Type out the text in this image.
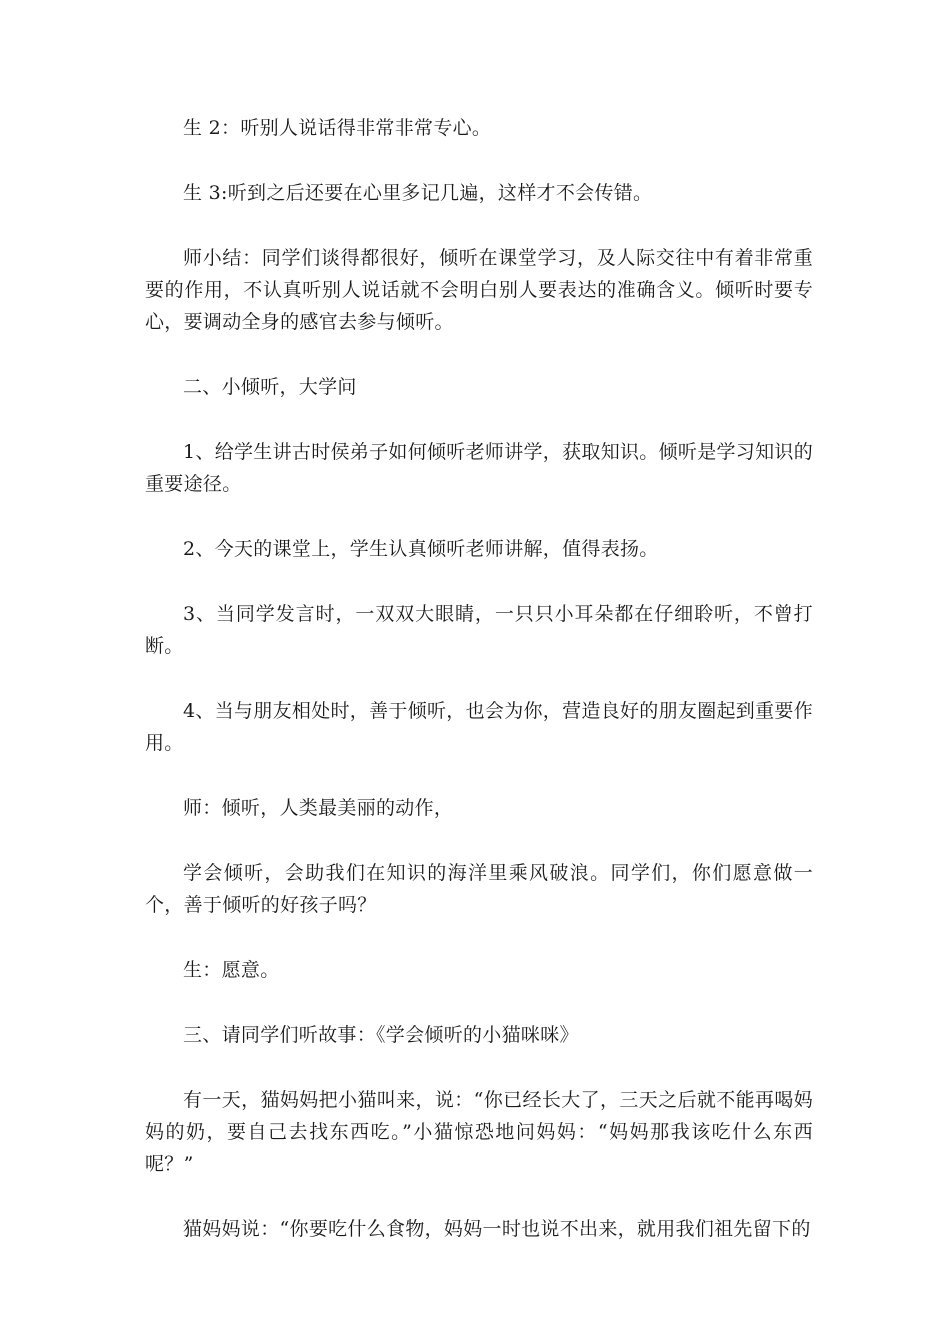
生 2：听别人说话得非常非常专心。

生 3:听到之后还要在心里多记几遍，这样才不会传错。

师小结：同学们谈得都很好，倾听在课堂学习，及人际交往中有着非常重要的作用，不认真听别人说话就不会明白别人要表达的准确含义。倾听时要专心，要调动全身的感官去参与倾听。

二、小倾听，大学问

1、给学生讲古时侯弟子如何倾听老师讲学，获取知识。倾听是学习知识的重要途径。

2、今天的课堂上，学生认真倾听老师讲解，值得表扬。

3、当同学发言时，一双双大眼睛，一只只小耳朵都在仔细聆听，不曾打断。

4、当与朋友相处时，善于倾听，也会为你，营造良好的朋友圈起到重要作用。

师：倾听，人类最美丽的动作，

学会倾听，会助我们在知识的海洋里乘风破浪。同学们，你们愿意做一个，善于倾听的好孩子吗？

生：愿意。

三、请同学们听故事：《学会倾听的小猫咪咪》

有一天，猫妈妈把小猫叫来，说：“你已经长大了，三天之后就不能再喝妈妈的奶，要自己去找东西吃。”小猫惊恐地问妈妈：“妈妈那我该吃什么东西呢？”

猫妈妈说：“你要吃什么食物，妈妈一时也说不出来，就用我们祖先留下的
